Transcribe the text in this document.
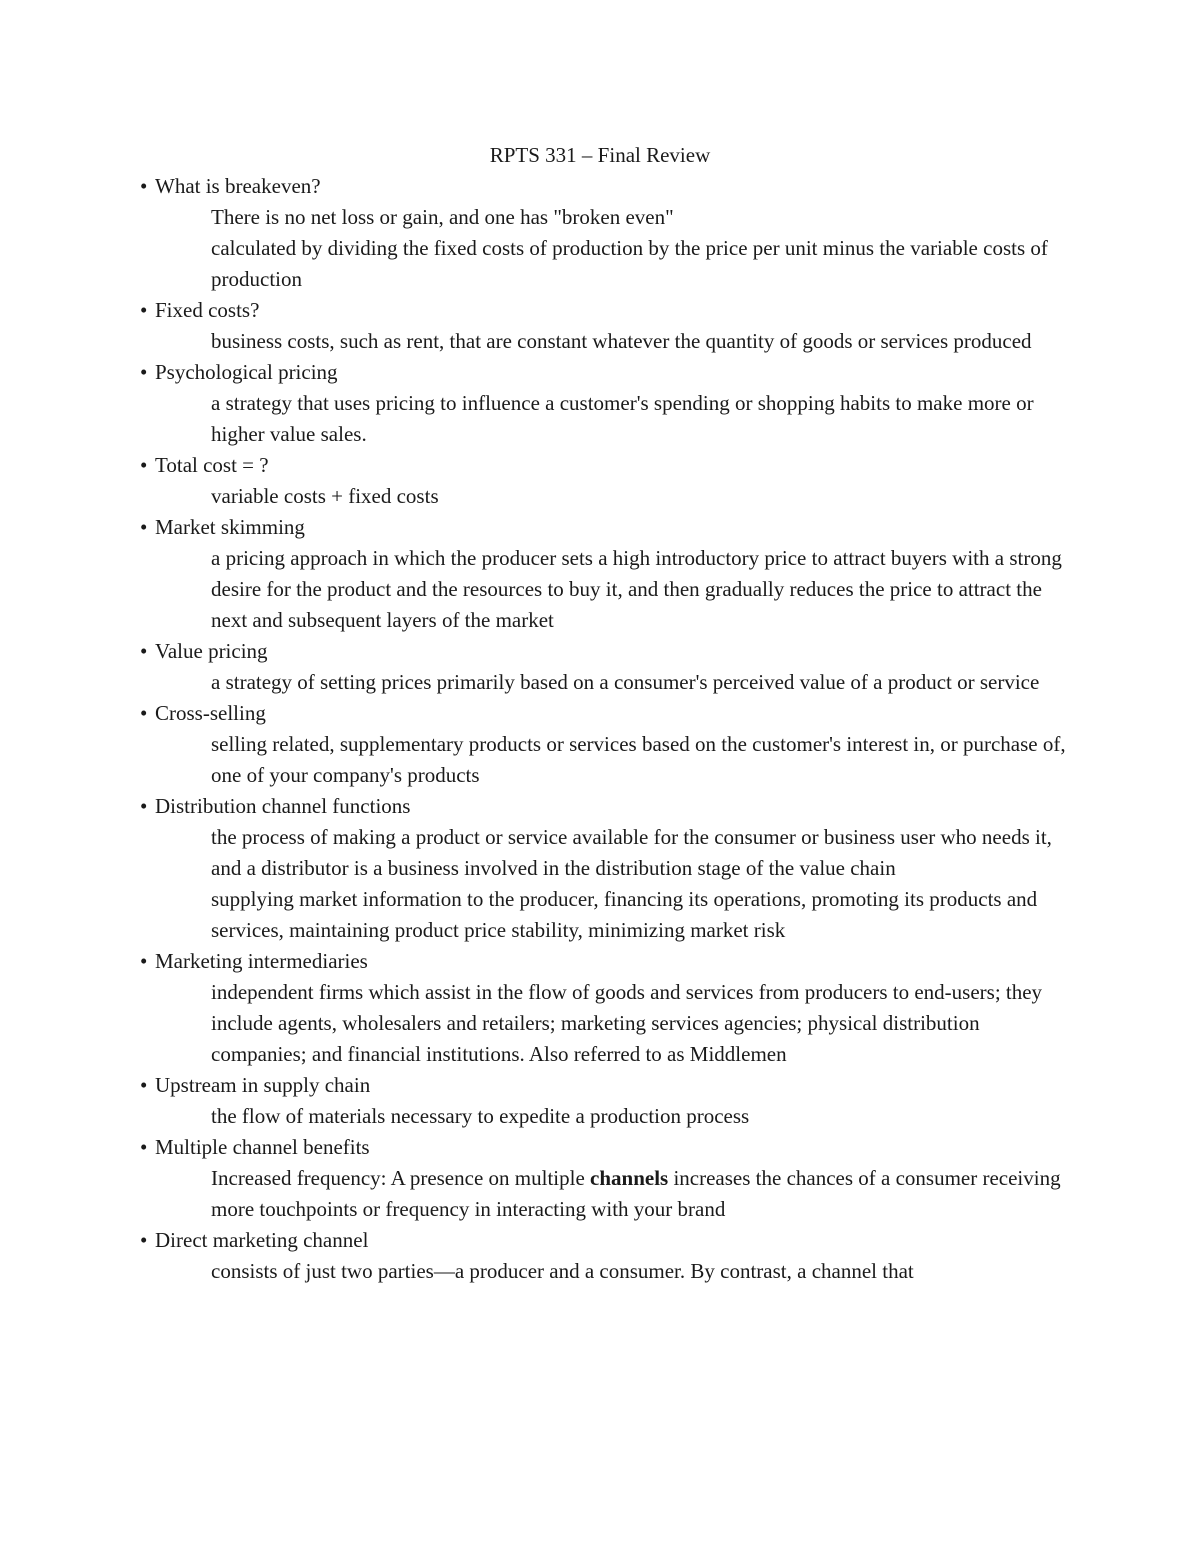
RPTS 331 – Final Review
• What is breakeven?
There is no net loss or gain, and one has "broken even"
calculated by dividing the fixed costs of production by the price per unit minus the variable costs of production
• Fixed costs?
business costs, such as rent, that are constant whatever the quantity of goods or services produced
• Psychological pricing
a strategy that uses pricing to influence a customer's spending or shopping habits to make more or higher value sales.
• Total cost = ?
variable costs + fixed costs
• Market skimming
a pricing approach in which the producer sets a high introductory price to attract buyers with a strong desire for the product and the resources to buy it, and then gradually reduces the price to attract the next and subsequent layers of the market
• Value pricing
a strategy of setting prices primarily based on a consumer's perceived value of a product or service
• Cross-selling
selling related, supplementary products or services based on the customer's interest in, or purchase of, one of your company's products
• Distribution channel functions
the process of making a product or service available for the consumer or business user who needs it, and a distributor is a business involved in the distribution stage of the value chain
supplying market information to the producer, financing its operations, promoting its products and services, maintaining product price stability, minimizing market risk
• Marketing intermediaries
independent firms which assist in the flow of goods and services from producers to end-users; they include agents, wholesalers and retailers; marketing services agencies; physical distribution companies; and financial institutions. Also referred to as Middlemen
• Upstream in supply chain
the flow of materials necessary to expedite a production process
• Multiple channel benefits
Increased frequency: A presence on multiple channels increases the chances of a consumer receiving more touchpoints or frequency in interacting with your brand
• Direct marketing channel
consists of just two parties—a producer and a consumer. By contrast, a channel that
